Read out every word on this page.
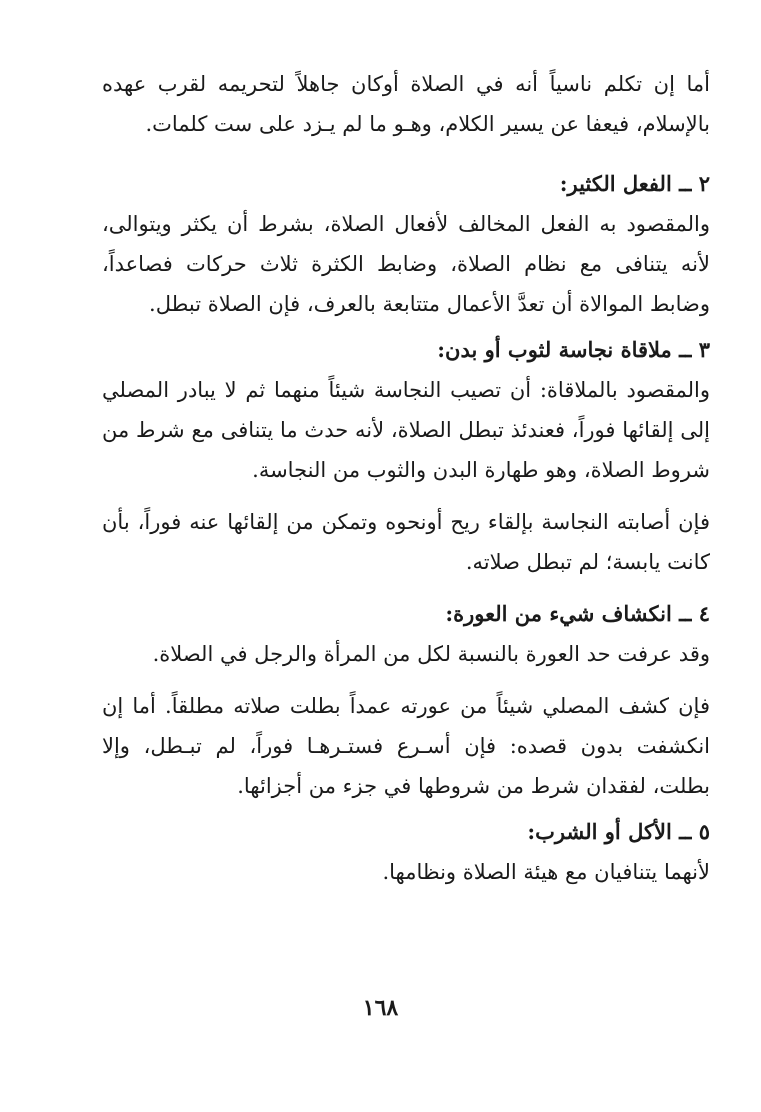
أما إن تكلم ناسياً أنه في الصلاة أوكان جاهلاً لتحريمه لقرب عهده بالإسلام، فيعفا عن يسير الكلام، وهـو ما لم يـزد على ست كلمات.

٢ ــ الفعل الكثير:

والمقصود به الفعل المخالف لأفعال الصلاة، بشرط أن يكثر ويتوالى، لأنه يتنافى مع نظام الصلاة، وضابط الكثرة ثلاث حركات فصاعداً، وضابط الموالاة أن تعدَّ الأعمال متتابعة بالعرف، فإن الصلاة تبطل.

٣ ــ ملاقاة نجاسة لثوب أو بدن:

والمقصود بالملاقاة: أن تصيب النجاسة شيئاً منهما ثم لا يبادر المصلي إلى إلقائها فوراً، فعندئذ تبطل الصلاة، لأنه حدث ما يتنافى مع شرط من شروط الصلاة، وهو طهارة البدن والثوب من النجاسة.

فإن أصابته النجاسة بإلقاء ريح أونحوه وتمكن من إلقائها عنه فوراً، بأن كانت يابسة؛ لم تبطل صلاته.

٤ ــ انكشاف شيء من العورة:

وقد عرفت حد العورة بالنسبة لكل من المرأة والرجل في الصلاة.

فإن كشف المصلي شيئاً من عورته عمداً بطلت صلاته مطلقاً. أما إن انكشفت بدون قصده: فإن أسـرع فستـرهـا فوراً، لم تبـطل، وإلا بطلت، لفقدان شرط من شروطها في جزء من أجزائها.

٥ ــ الأكل أو الشرب:

لأنهما يتنافيان مع هيئة الصلاة ونظامها.

١٦٨
